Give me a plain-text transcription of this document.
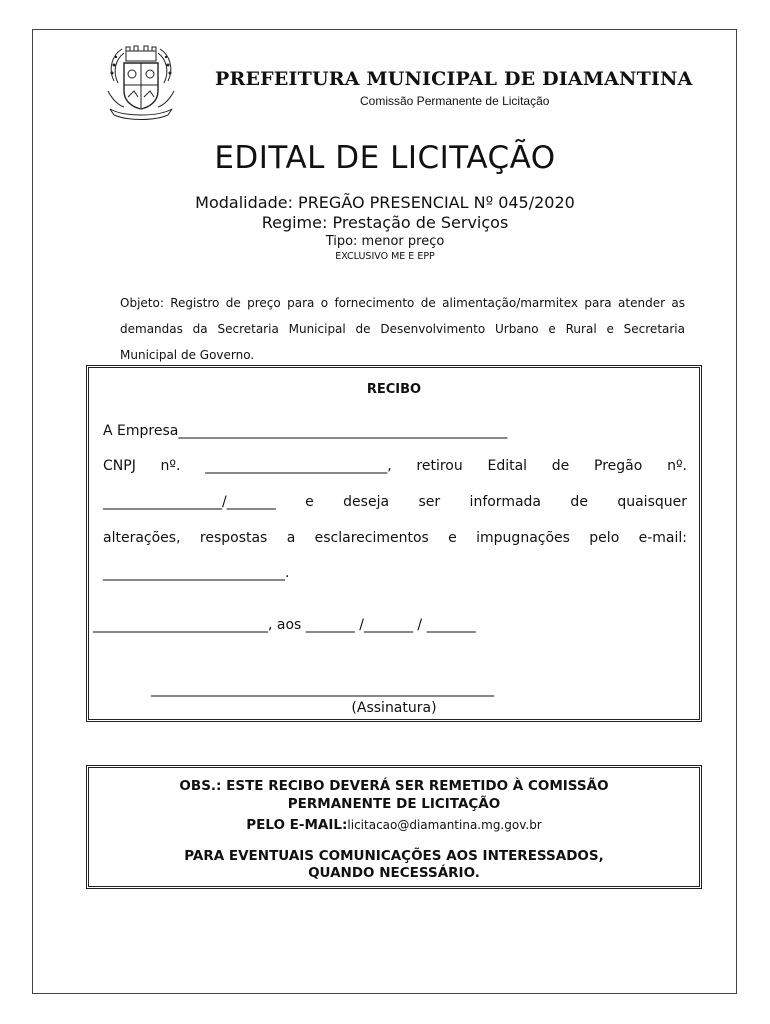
PREFEITURA MUNICIPAL DE DIAMANTINA
Comissão Permanente de Licitação
EDITAL DE LICITAÇÃO
Modalidade: PREGÃO PRESENCIAL Nº 045/2020
Regime: Prestação de Serviços
Tipo: menor preço
EXCLUSIVO ME E EPP
Objeto: Registro de preço para o fornecimento de alimentação/marmitex para atender as demandas da Secretaria Municipal de Desenvolvimento Urbano e Rural e Secretaria Municipal de Governo.
RECIBO
A Empresa_______________________________________________
CNPJ nº. __________________________, retirou Edital de Pregão nº.
_________________/_______ e deseja ser informada de quaisquer
alterações, respostas a esclarecimentos e impugnações pelo e-mail:
__________________________.
_________________________, aos _______ /_______ / _______
_________________________________________________
(Assinatura)
OBS.: ESTE RECIBO DEVERÁ SER REMETIDO À COMISSÃO
PERMANENTE DE LICITAÇÃO
PELO E-MAIL:licitacao@diamantina.mg.gov.br
PARA EVENTUAIS COMUNICAÇÕES AOS INTERESSADOS,
QUANDO NECESSÁRIO.
